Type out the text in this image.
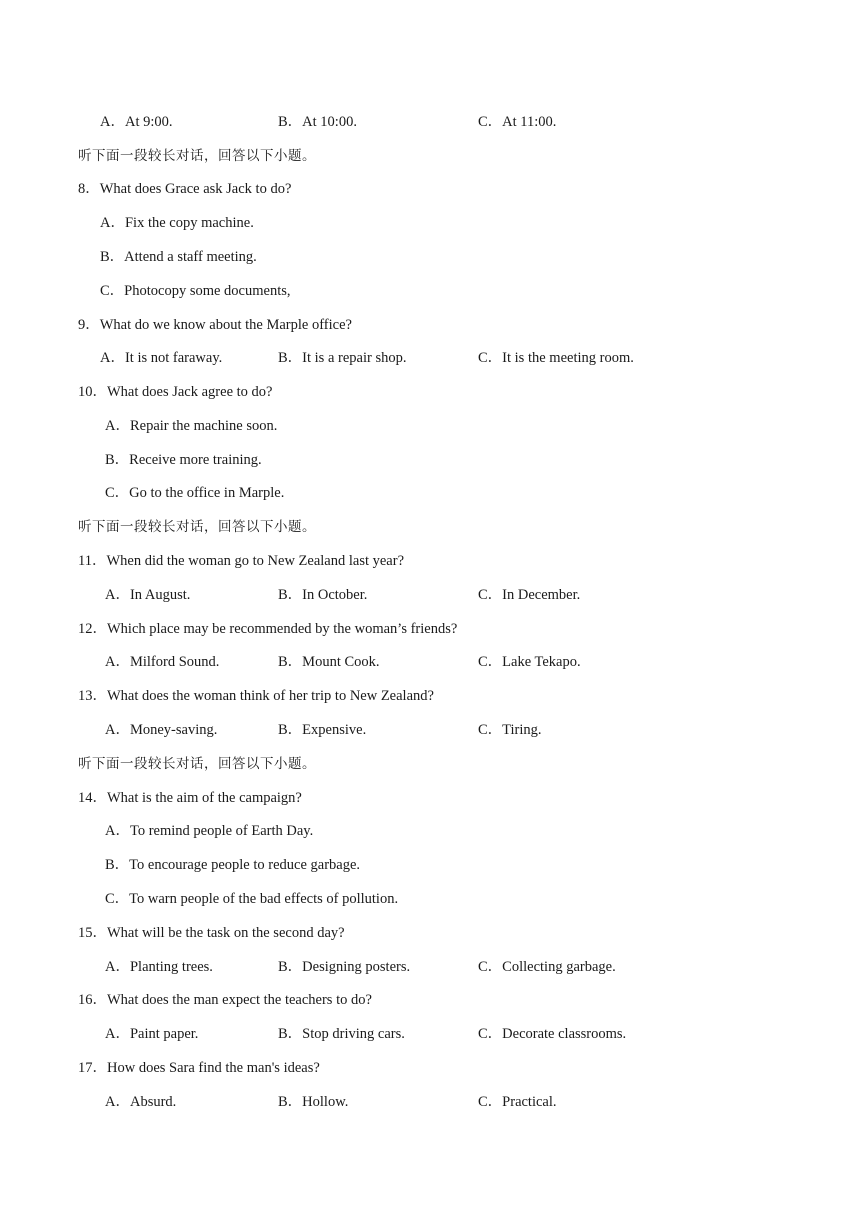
A．At 9:00.	B．At 10:00.	C．At 11:00.
听下面一段较长对话，回答以下小题。
8．What does Grace ask Jack to do?
A．Fix the copy machine.
B．Attend a staff meeting.
C．Photocopy some documents,
9．What do we know about the Marple office?
A．It is not faraway.	B．It is a repair shop.	C．It is the meeting room.
10．What does Jack agree to do?
A．Repair the machine soon.
B．Receive more training.
C．Go to the office in Marple.
听下面一段较长对话，回答以下小题。
11．When did the woman go to New Zealand last year?
A．In August.	B．In October.	C．In December.
12．Which place may be recommended by the woman’s friends?
A．Milford Sound.	B．Mount Cook.	C．Lake Tekapo.
13．What does the woman think of her trip to New Zealand?
A．Money-saving.	B．Expensive.	C．Tiring.
听下面一段较长对话，回答以下小题。
14．What is the aim of the campaign?
A．To remind people of Earth Day.
B．To encourage people to reduce garbage.
C．To warn people of the bad effects of pollution.
15．What will be the task on the second day?
A．Planting trees.	B．Designing posters.	C．Collecting garbage.
16．What does the man expect the teachers to do?
A．Paint paper.	B．Stop driving cars.	C．Decorate classrooms.
17．How does Sara find the man's ideas?
A．Absurd.	B．Hollow.	C．Practical.
